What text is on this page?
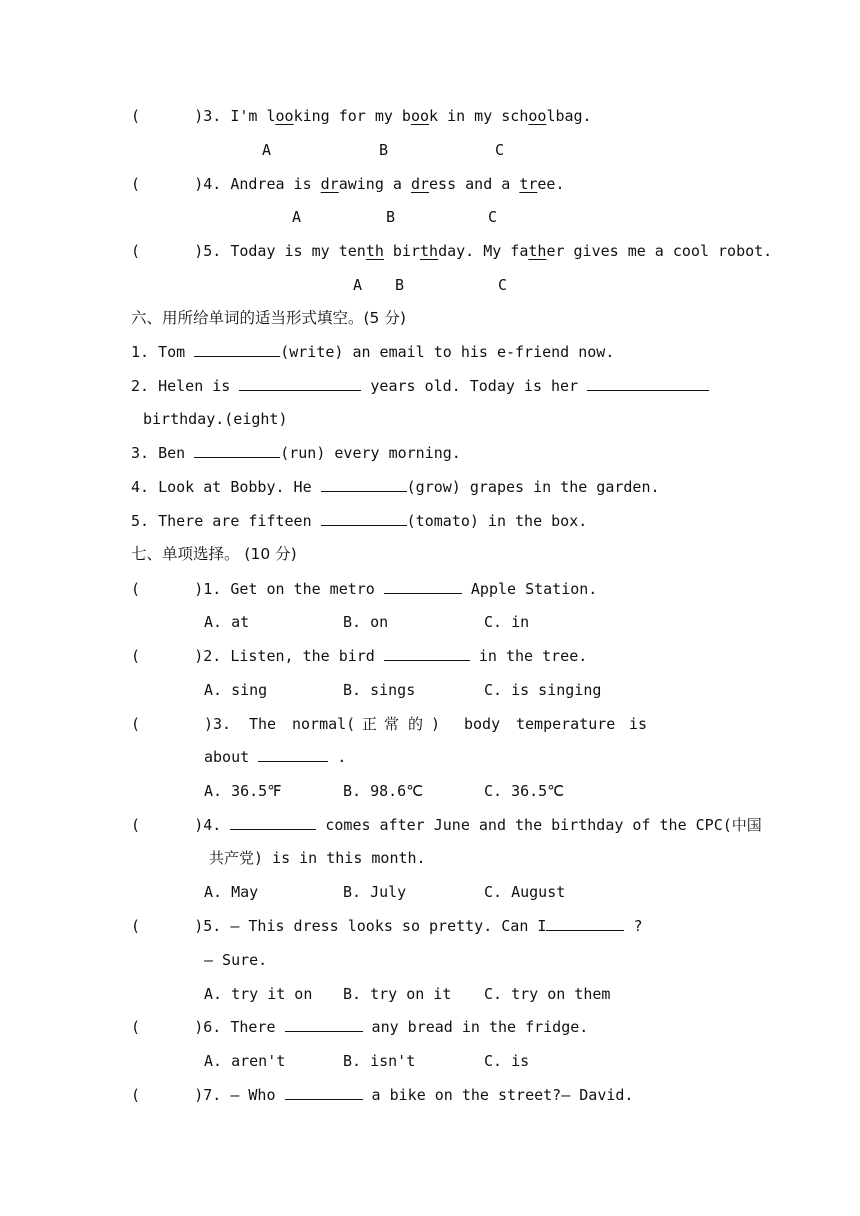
(      )3. I'm looking for my book in my schoolbag.
A	B	C
(      )4. Andrea is drawing a dress and a tree.
A	B	C
(      )5. Today is my tenth birthday. My father gives me a cool robot.
A B	C
六、用所给单词的适当形式填空。(5 分)
1. Tom	(write) an email to his e-friend now.
2. Helen is	years old. Today is her
birthday.(eight)
3. Ben	(run) every morning.
4. Look at Bobby. He	(grow) grapes in the garden.
5. There are fifteen	(tomato) in the box.
七、单项选择。 (10 分)
(      )1. Get on the metro	Apple Station.
A. at	B. on	C. in
(      )2. Listen, the bird	in the tree.
A. sing	B. sings	C. is singing
(	)3. The normal( 正 常 的 ) body temperature is
about	.
A. 36.5℉	B. 98.6℃	C. 36.5℃
(      )4.	comes after June and the birthday of the CPC(中国
共产党) is in this month.
A. May	B. July	C. August
(      )5. — This dress looks so pretty. Can I	?
— Sure.
A. try it on B. try on it C. try on them
(      )6. There	any bread in the fridge.
A. aren't	B. isn't	C. is
(      )7. — Who	a bike on the street?— David.
